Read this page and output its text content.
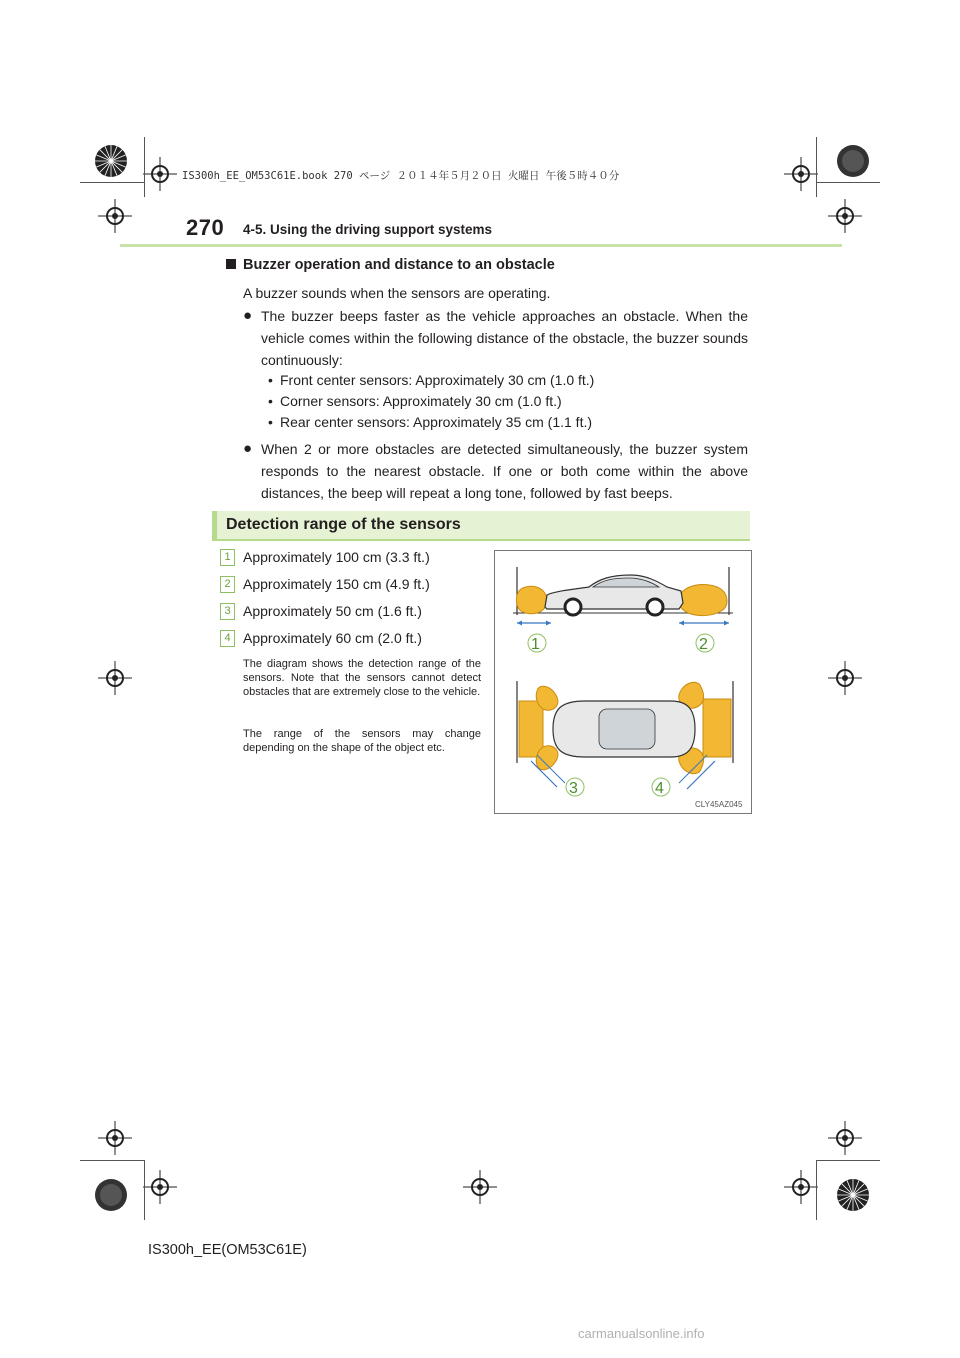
IS300h_EE_OM53C61E.book 270 ページ ２０１４年５月２０日 火曜日 午後５時４０分
270 4-5. Using the driving support systems
Buzzer operation and distance to an obstacle
A buzzer sounds when the sensors are operating.
● The buzzer beeps faster as the vehicle approaches an obstacle. When the vehicle comes within the following distance of the obstacle, the buzzer sounds continuously:
• Front center sensors: Approximately 30 cm (1.0 ft.)
• Corner sensors: Approximately 30 cm (1.0 ft.)
• Rear center sensors: Approximately 35 cm (1.1 ft.)
● When 2 or more obstacles are detected simultaneously, the buzzer system responds to the nearest obstacle. If one or both come within the above distances, the beep will repeat a long tone, followed by fast beeps.
Detection range of the sensors
1 Approximately 100 cm (3.3 ft.)
2 Approximately 150 cm (4.9 ft.)
3 Approximately 50 cm (1.6 ft.)
4 Approximately 60 cm (2.0 ft.)
The diagram shows the detection range of the sensors. Note that the sensors cannot detect obstacles that are extremely close to the vehicle.
The range of the sensors may change depending on the shape of the object etc.
1	2
3	4
CLY45AZ045
IS300h_EE(OM53C61E)
carmanualsonline.info
